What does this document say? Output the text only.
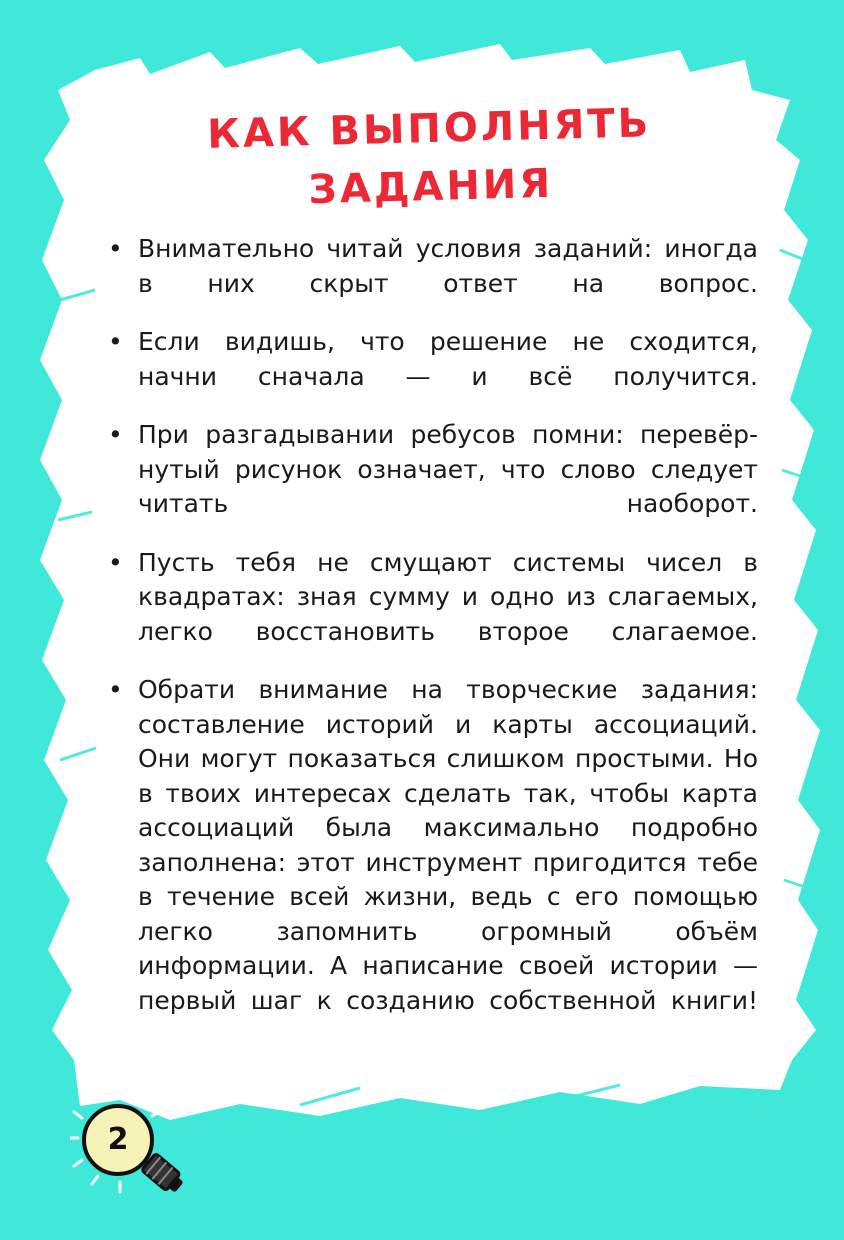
КАК ВЫПОЛНЯТЬ
ЗАДАНИЯ
• Внимательно читай условия заданий: иногда в них скрыт ответ на вопрос.
• Если видишь, что решение не сходится, начни сначала — и всё получится.
• При разгадывании ребусов помни: перевёрнутый рисунок означает, что слово следует читать наоборот.
• Пусть тебя не смущают системы чисел в квадратах: зная сумму и одно из слагаемых, легко восстановить второе слагаемое.
• Обрати внимание на творческие задания: составление историй и карты ассоциаций. Они могут показаться слишком простыми. Но в твоих интересах сделать так, чтобы карта ассоциаций была максимально подробно заполнена: этот инструмент пригодится тебе в течение всей жизни, ведь с его помощью легко запомнить огромный объём информации. А написание своей истории — первый шаг к созданию собственной книги!
2
